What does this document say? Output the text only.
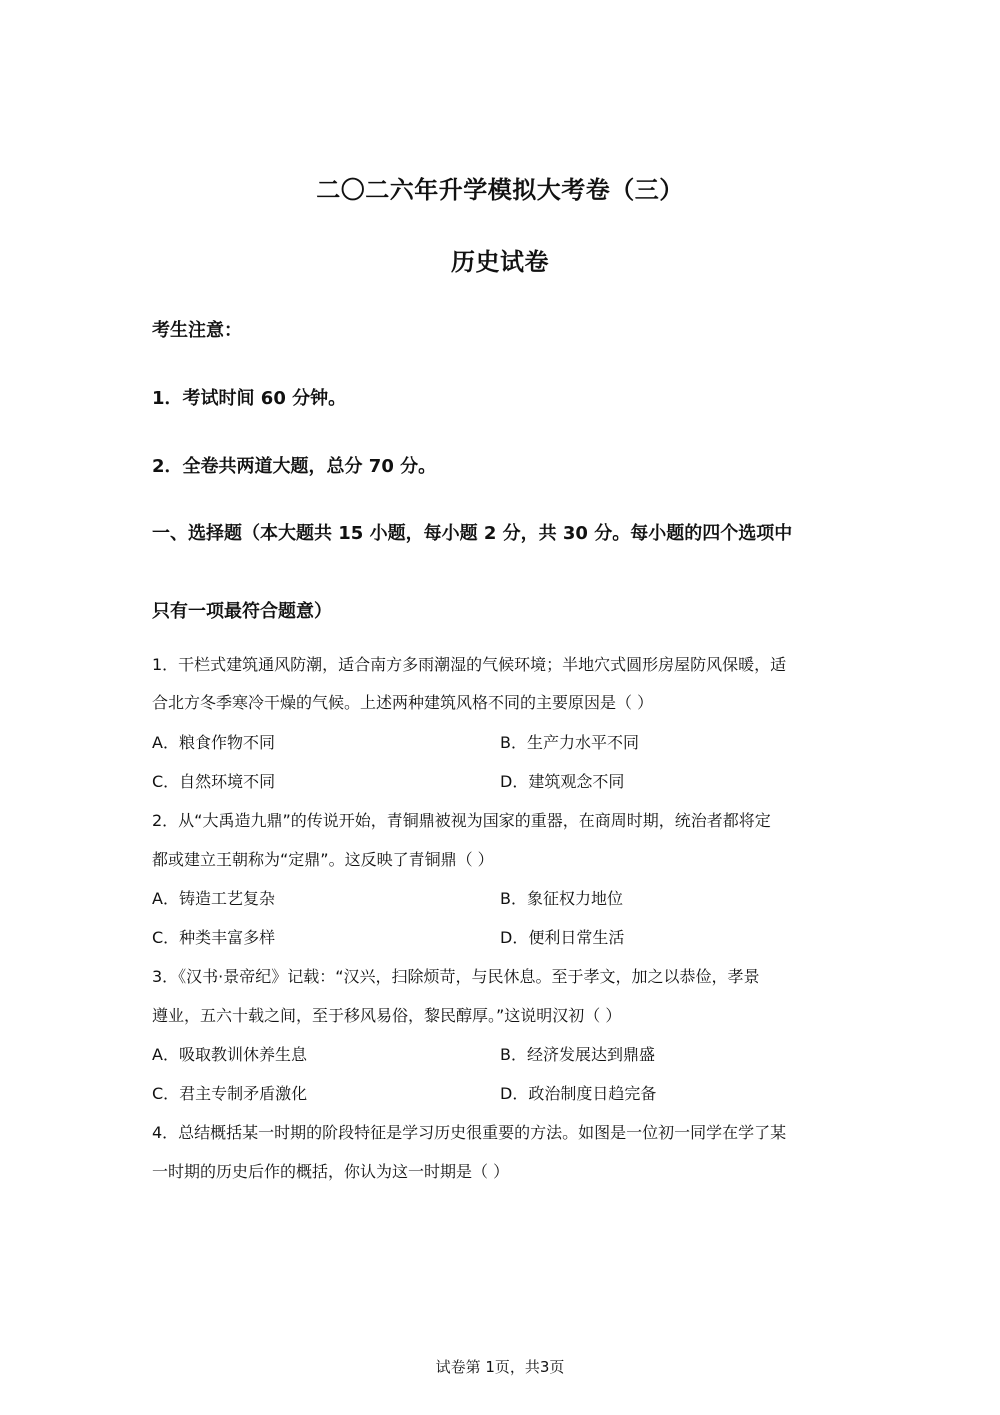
二〇二六年升学模拟大考卷（三）
历史试卷
考生注意：
1．考试时间 60 分钟。
2．全卷共两道大题，总分 70 分。
一、选择题（本大题共 15 小题，每小题 2 分，共 30 分。每小题的四个选项中
只有一项最符合题意）
1．干栏式建筑通风防潮，适合南方多雨潮湿的气候环境；半地穴式圆形房屋防风保暖，适
合北方冬季寒冷干燥的气候。上述两种建筑风格不同的主要原因是（ ）
A．粮食作物不同	B．生产力水平不同
C．自然环境不同	D．建筑观念不同
2．从“大禹造九鼎”的传说开始，青铜鼎被视为国家的重器，在商周时期，统治者都将定
都或建立王朝称为“定鼎”。这反映了青铜鼎（ ）
A．铸造工艺复杂	B．象征权力地位
C．种类丰富多样	D．便利日常生活
3．《汉书·景帝纪》记载：“汉兴，扫除烦苛，与民休息。至于孝文，加之以恭俭，孝景
遵业，五六十载之间，至于移风易俗，黎民醇厚。”这说明汉初（ ）
A．吸取教训休养生息	B．经济发展达到鼎盛
C．君主专制矛盾激化	D．政治制度日趋完备
4．总结概括某一时期的阶段特征是学习历史很重要的方法。如图是一位初一同学在学了某
一时期的历史后作的概括，你认为这一时期是（ ）
试卷第 1页，共3页
